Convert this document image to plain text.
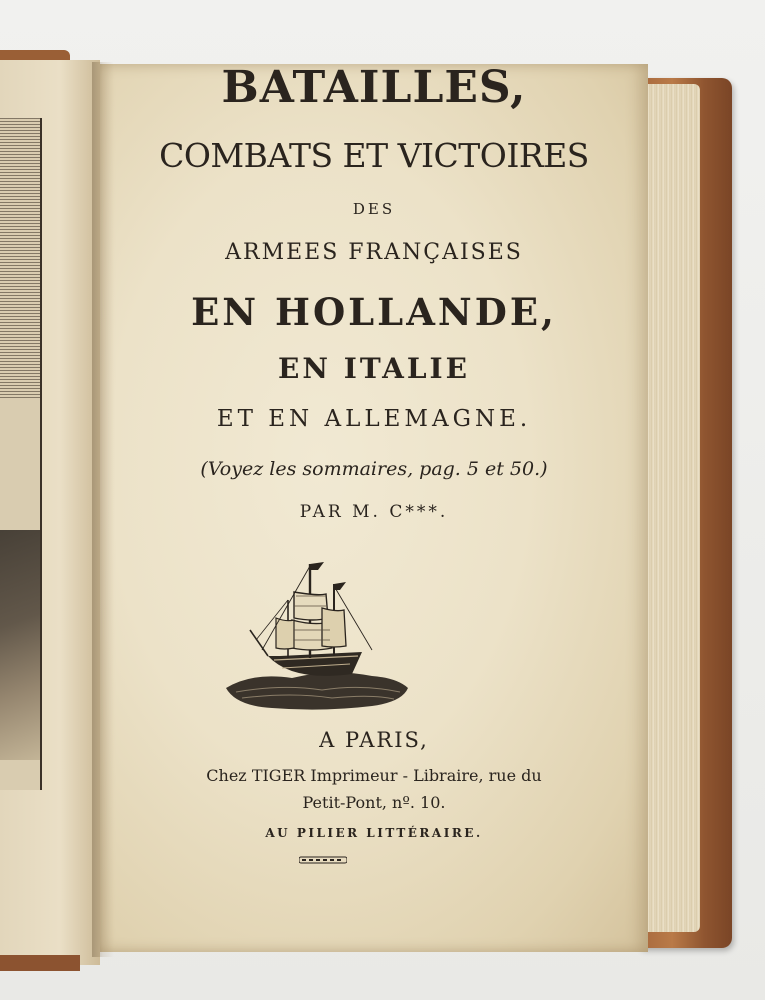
BATAILLES,

COMBATS ET VICTOIRES

DES

ARMEES FRANÇAISES

EN HOLLANDE,

EN ITALIE

ET EN ALLEMAGNE.

(Voyez les sommaires, pag. 5 et 50.)

PAR M. C***.

A PARIS,

Chez TIGER Imprimeur - Libraire, rue du

Petit-Pont, nº. 10.

AU PILIER LITTÉRAIRE.
